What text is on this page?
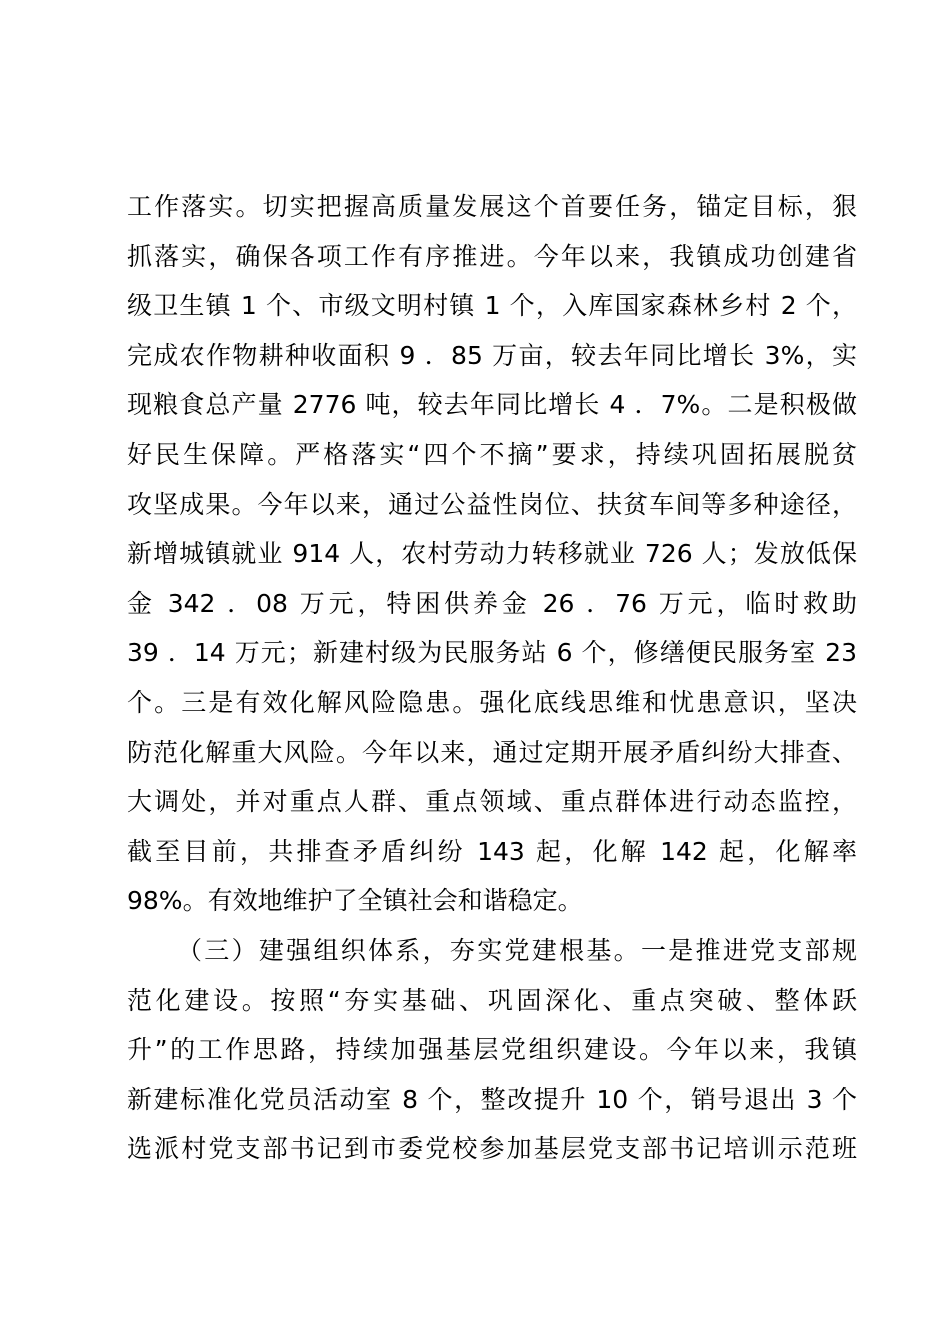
工作落实。切实把握高质量发展这个首要任务，锚定目标，狠
抓落实，确保各项工作有序推进。今年以来，我镇成功创建省
级卫生镇 1 个、市级文明村镇 1 个，入库国家森林乡村 2 个，
完成农作物耕种收面积 9 ．85 万亩，较去年同比增长 3%，实
现粮食总产量 2776 吨，较去年同比增长 4 ．7%。二是积极做
好民生保障。严格落实“四个不摘”要求，持续巩固拓展脱贫
攻坚成果。今年以来，通过公益性岗位、扶贫车间等多种途径，
新增城镇就业 914 人，农村劳动力转移就业 726 人；发放低保
金 342 ．08 万元，特困供养金 26 ．76 万元，临时救助
39 ．14 万元；新建村级为民服务站 6 个，修缮便民服务室 23
个。三是有效化解风险隐患。强化底线思维和忧患意识，坚决
防范化解重大风险。今年以来，通过定期开展矛盾纠纷大排查、
大调处，并对重点人群、重点领域、重点群体进行动态监控，
截至目前，共排查矛盾纠纷 143 起，化解 142 起，化解率
98%。有效地维护了全镇社会和谐稳定。
（三）建强组织体系，夯实党建根基。一是推进党支部规
范化建设。按照“夯实基础、巩固深化、重点突破、整体跃
升”的工作思路，持续加强基层党组织建设。今年以来，我镇
新建标准化党员活动室 8 个，整改提升 10 个，销号退出 3 个
选派村党支部书记到市委党校参加基层党支部书记培训示范班
